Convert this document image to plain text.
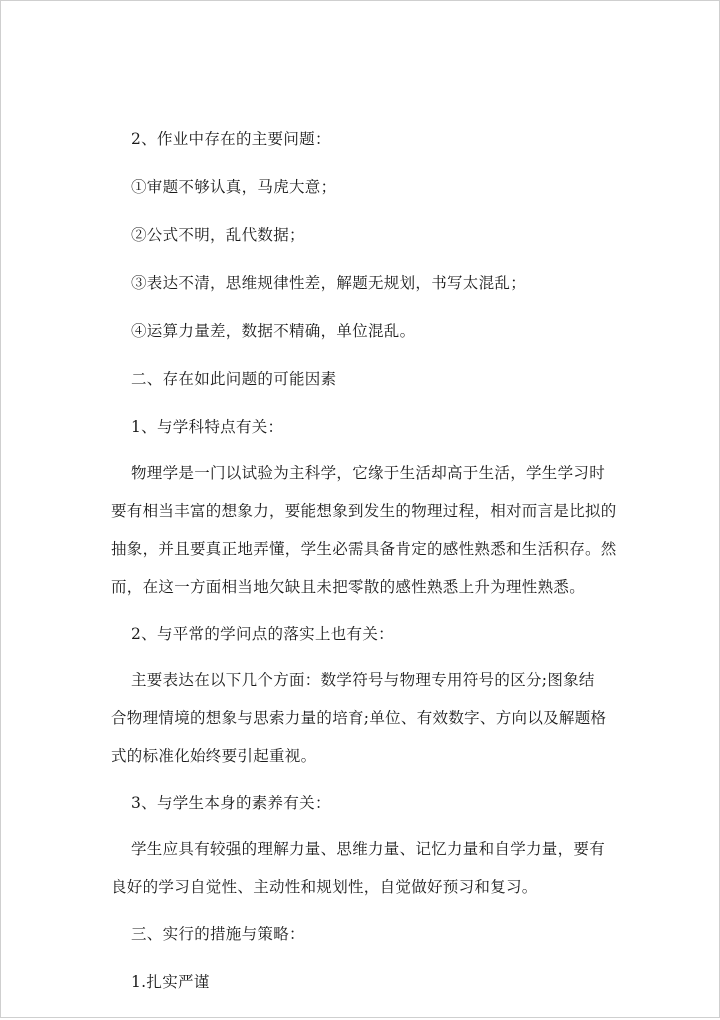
2、作业中存在的主要问题：
①审题不够认真，马虎大意；
②公式不明，乱代数据；
③表达不清，思维规律性差，解题无规划，书写太混乱；
④运算力量差，数据不精确，单位混乱。
二、存在如此问题的可能因素
1、与学科特点有关：
物理学是一门以试验为主科学，它缘于生活却高于生活，学生学习时
要有相当丰富的想象力，要能想象到发生的物理过程，相对而言是比拟的
抽象，并且要真正地弄懂，学生必需具备肯定的感性熟悉和生活积存。然
而，在这一方面相当地欠缺且未把零散的感性熟悉上升为理性熟悉。
2、与平常的学问点的落实上也有关：
主要表达在以下几个方面：数学符号与物理专用符号的区分;图象结
合物理情境的想象与思索力量的培育;单位、有效数字、方向以及解题格
式的标准化始终要引起重视。
3、与学生本身的素养有关：
学生应具有较强的理解力量、思维力量、记忆力量和自学力量，要有
良好的学习自觉性、主动性和规划性，自觉做好预习和复习。
三、实行的措施与策略：
1.扎实严谨
